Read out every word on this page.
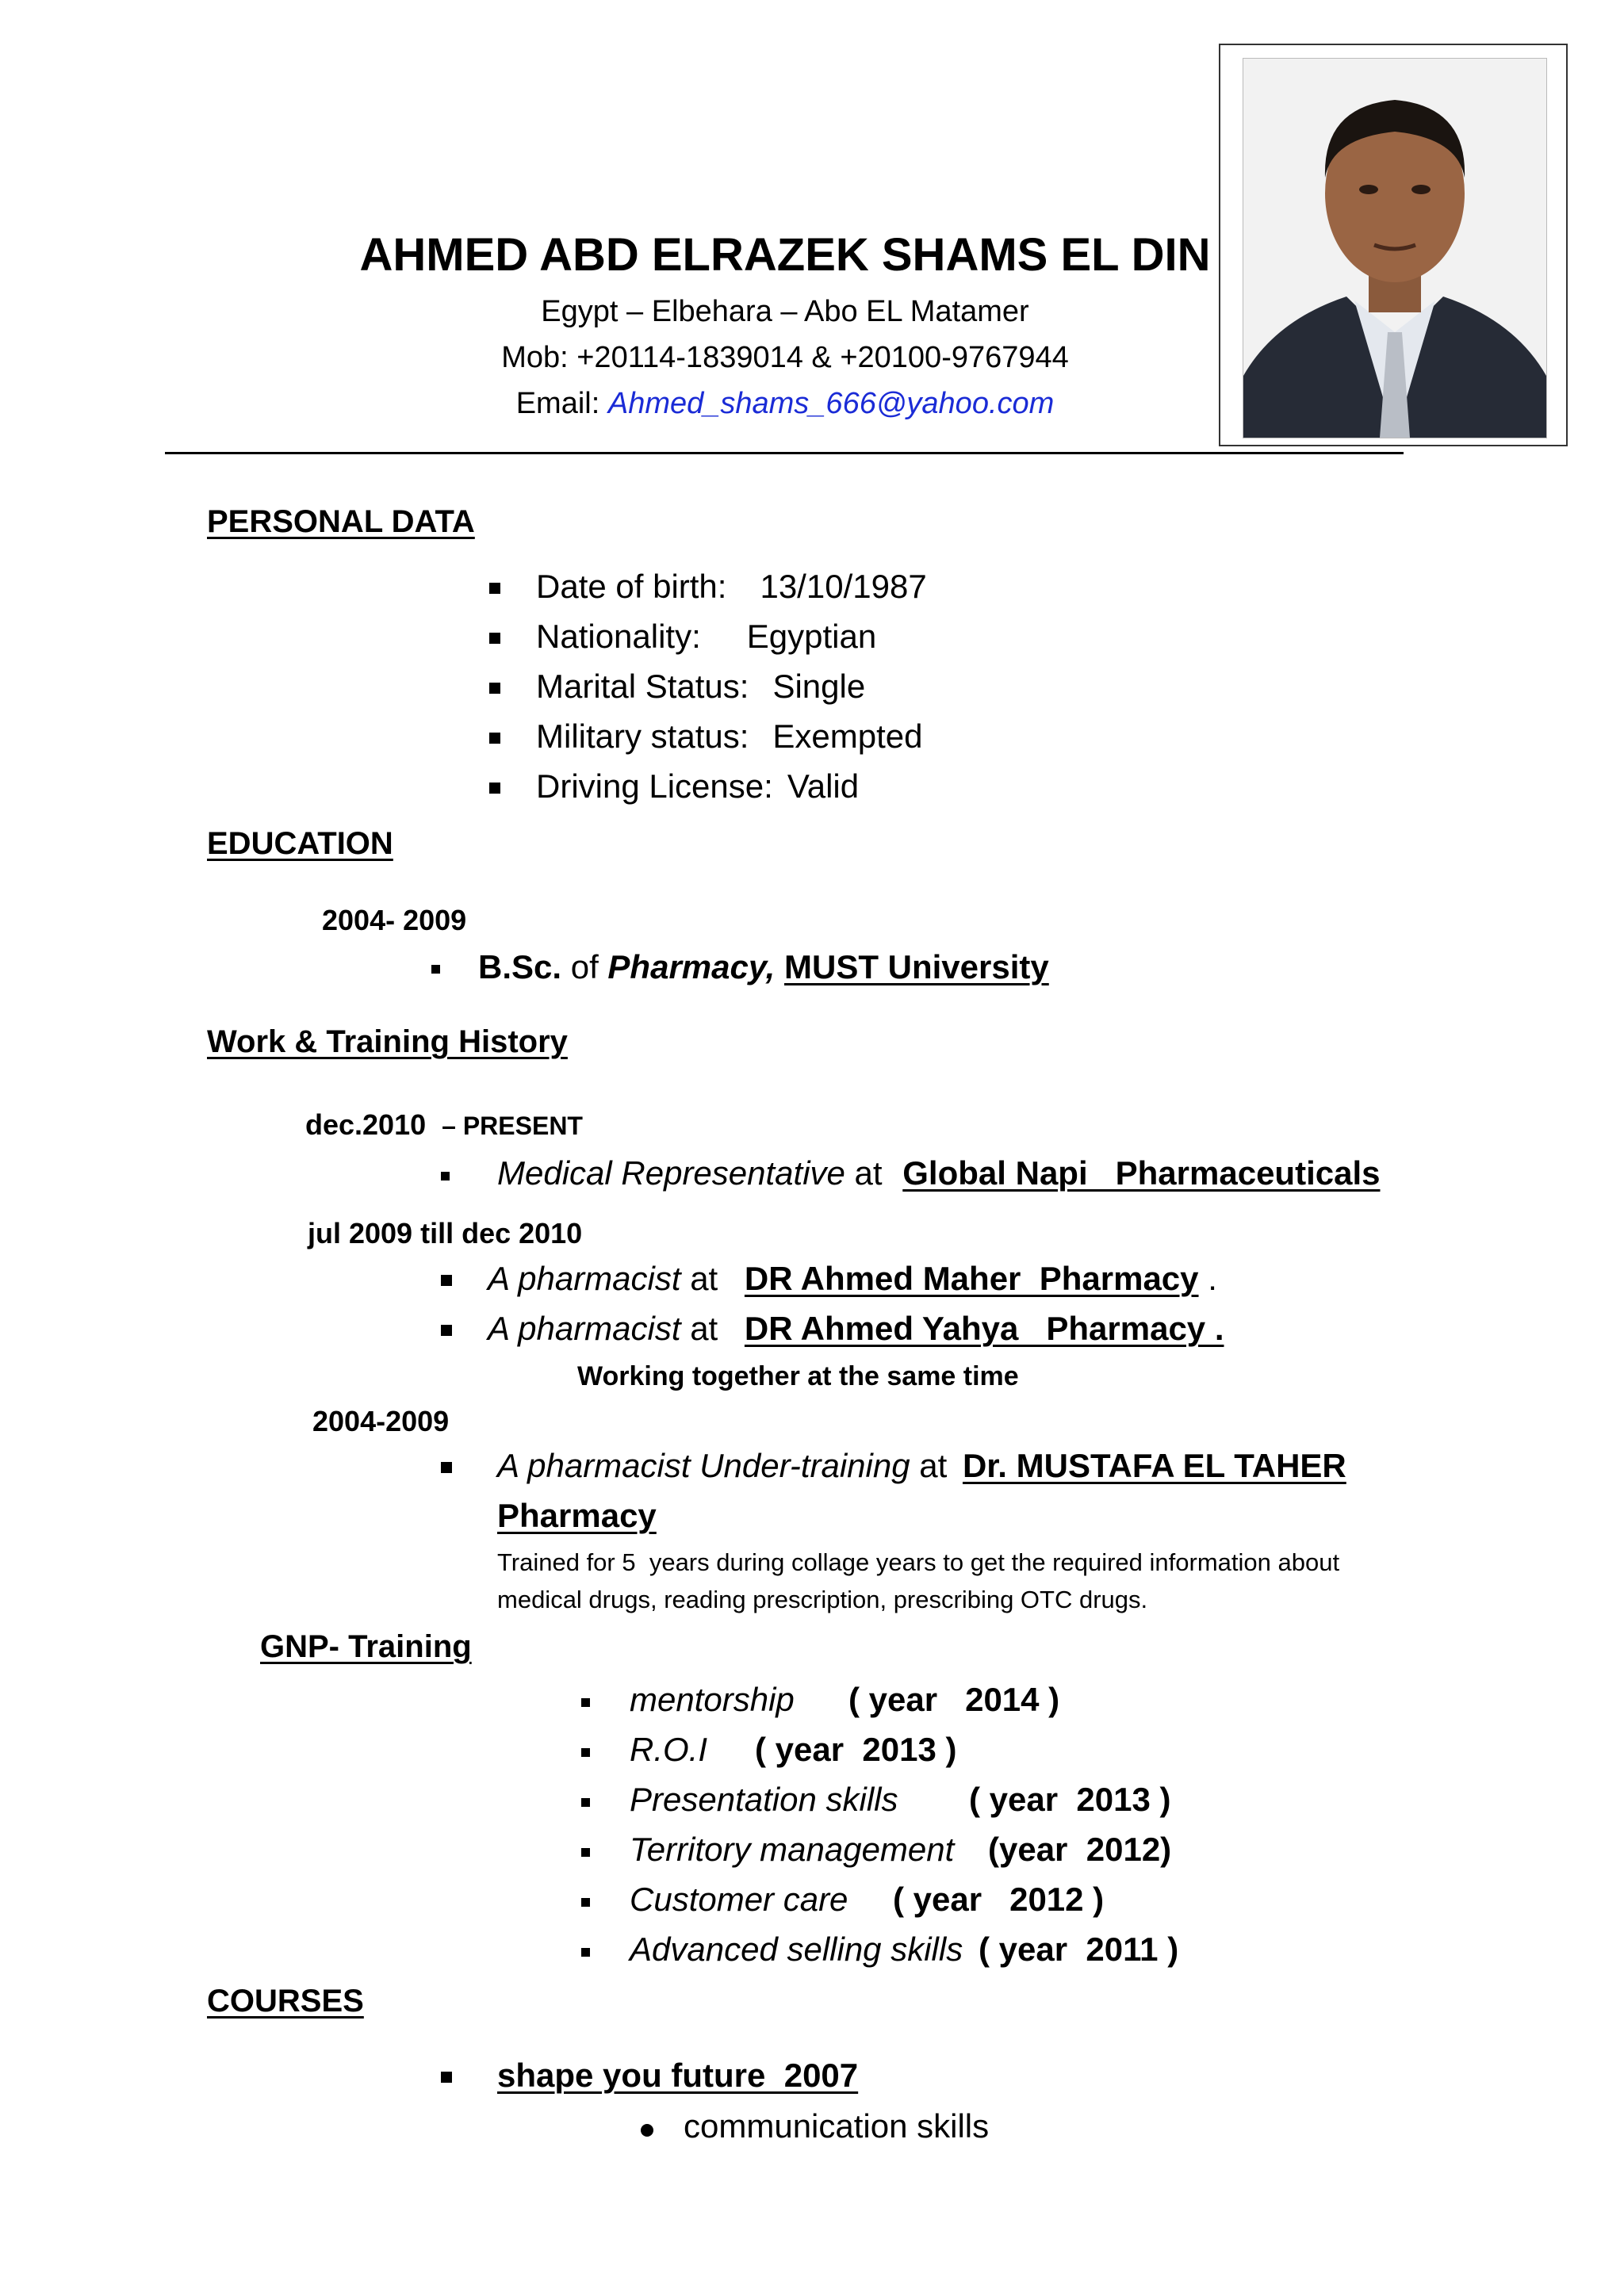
AHMED ABD ELRAZEK SHAMS EL DIN
Egypt – Elbehara – Abo EL Matamer
Mob: +20114-1839014 & +20100-9767944
Email: Ahmed_shams_666@yahoo.com
PERSONAL DATA
Date of birth: 13/10/1987
Nationality: Egyptian
Marital Status: Single
Military status: Exempted
Driving License: Valid
EDUCATION
2004- 2009
B.Sc. of Pharmacy, MUST University
Work & Training History
dec.2010 – PRESENT
Medical Representative at Global Napi   Pharmaceuticals
jul 2009 till dec 2010
A pharmacist at DR Ahmed Maher  Pharmacy .
A pharmacist at DR Ahmed Yahya   Pharmacy .
Working together at the same time
2004-2009
A pharmacist Under-training at Dr. MUSTAFA EL TAHER
Pharmacy
Trained for 5  years during collage years to get the required information about
medical drugs, reading prescription, prescribing OTC drugs.
GNP- Training
mentorship ( year   2014 )
R.O.I ( year  2013 )
Presentation skills ( year  2013 )
Territory management (year  2012)
Customer care ( year   2012 )
Advanced selling skills ( year  2011 )
COURSES
shape you future  2007
communication skills
